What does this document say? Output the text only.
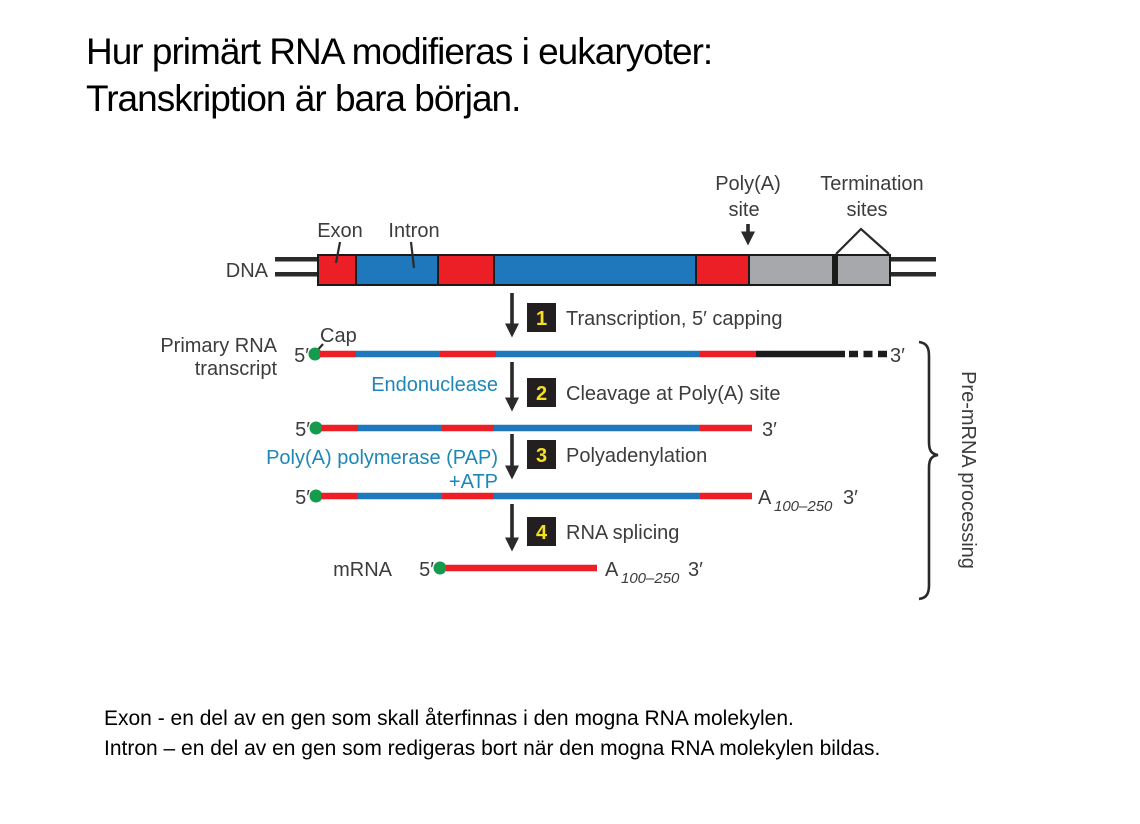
Hur primärt RNA modifieras i eukaryoter:
Transkription är bara början.
DNA
Exon Intron
Poly(A)
site
Termination
sites
1 Transcription, 5′ capping
Primary RNA
transcript
Cap
5′	3′
Endonuclease 2 Cleavage at Poly(A) site
5′	3′
Poly(A) polymerase (PAP)
+ATP
3 Polyadenylation
5′	A 100–250 3′
4 RNA splicing
mRNA 5′	A 100–250 3′
Pre-mRNA processing
Exon - en del av en gen som skall återfinnas i den mogna RNA molekylen.
Intron – en del av en gen som redigeras bort när den mogna RNA molekylen bildas.
